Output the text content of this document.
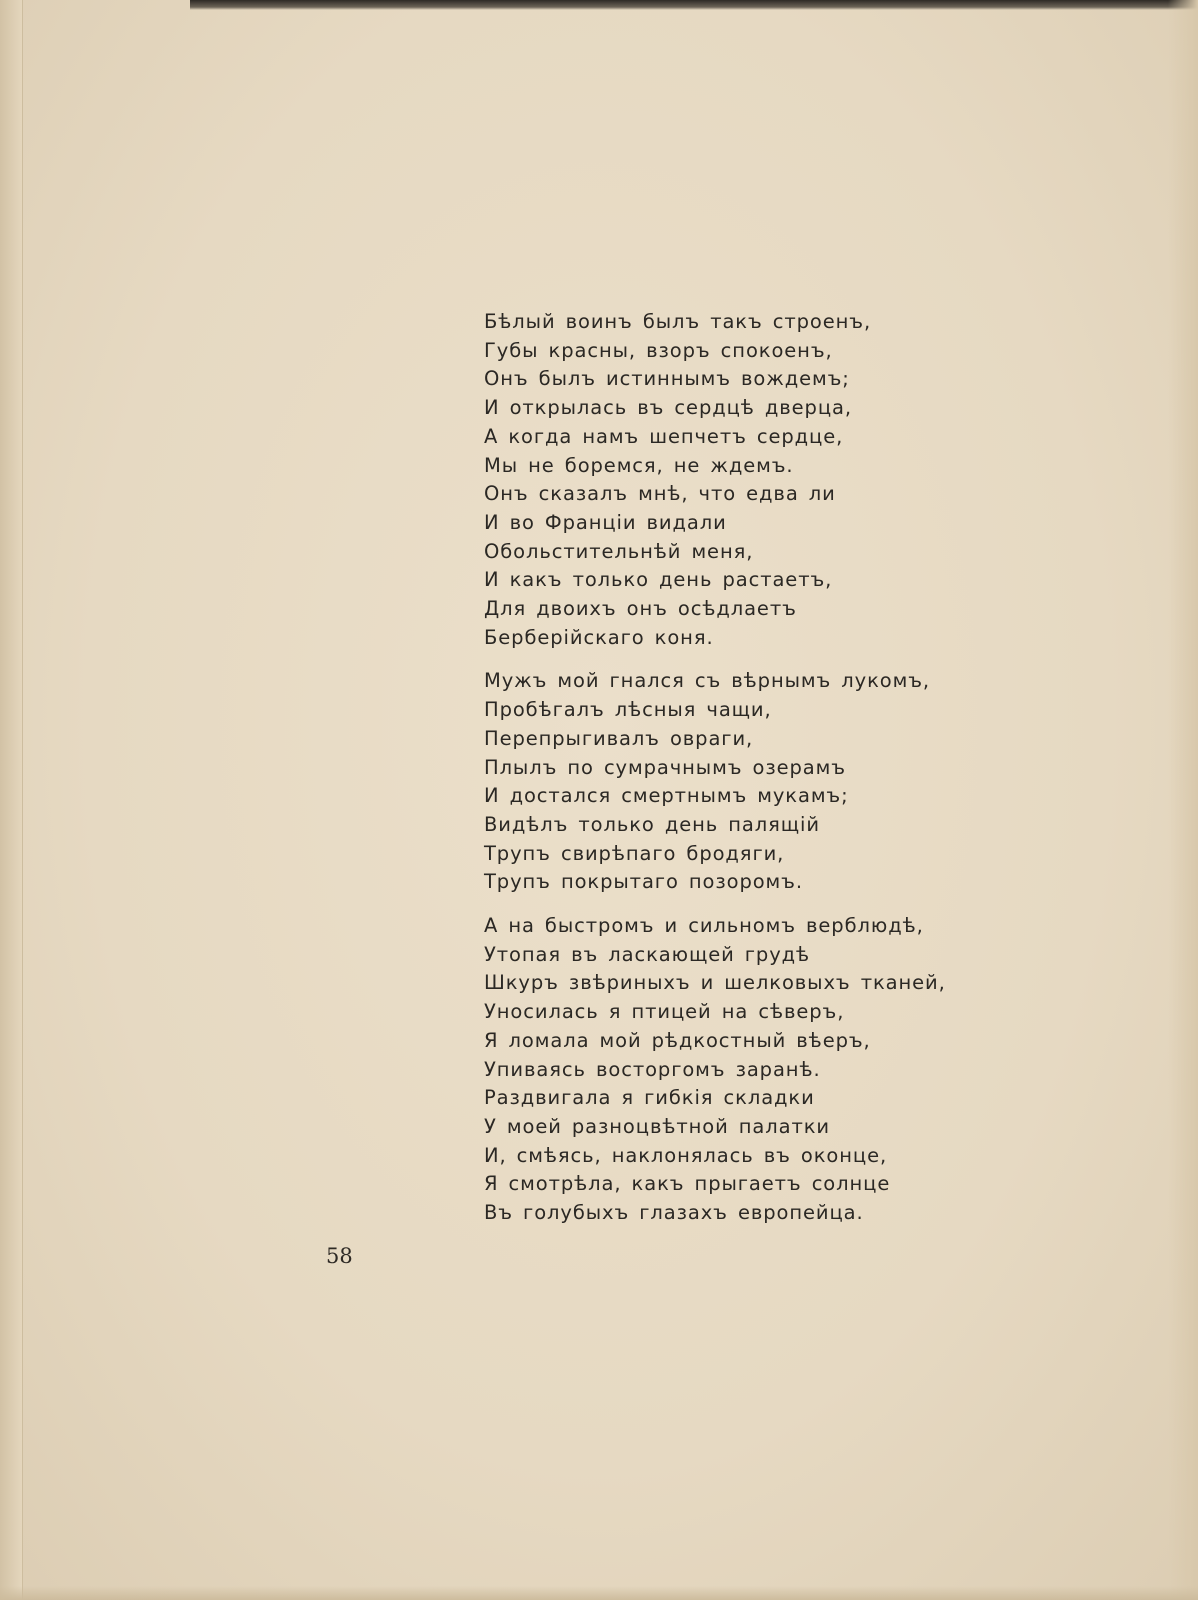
Бѣлый воинъ былъ такъ строенъ,
Губы красны, взоръ спокоенъ,
Онъ былъ истиннымъ вождемъ;
И открылась въ сердцѣ дверца,
А когда намъ шепчетъ сердце,
Мы не боремся, не ждемъ.
Онъ сказалъ мнѣ, что едва ли
И во Франціи видали
Обольстительнѣй меня,
И какъ только день растаетъ,
Для двоихъ онъ осѣдлаетъ
Берберійскаго коня.
Мужъ мой гнался съ вѣрнымъ лукомъ,
Пробѣгалъ лѣсныя чащи,
Перепрыгивалъ овраги,
Плылъ по сумрачнымъ озерамъ
И достался смертнымъ мукамъ;
Видѣлъ только день палящій
Трупъ свирѣпаго бродяги,
Трупъ покрытаго позоромъ.
А на быстромъ и сильномъ верблюдѣ,
Утопая въ ласкающей грудѣ
Шкуръ звѣриныхъ и шелковыхъ тканей,
Уносилась я птицей на сѣверъ,
Я ломала мой рѣдкостный вѣеръ,
Упиваясь восторгомъ заранѣ.
Раздвигала я гибкія складки
У моей разноцвѣтной палатки
И, смѣясь, наклонялась въ оконце,
Я смотрѣла, какъ прыгаетъ солнце
Въ голубыхъ глазахъ европейца.
58
